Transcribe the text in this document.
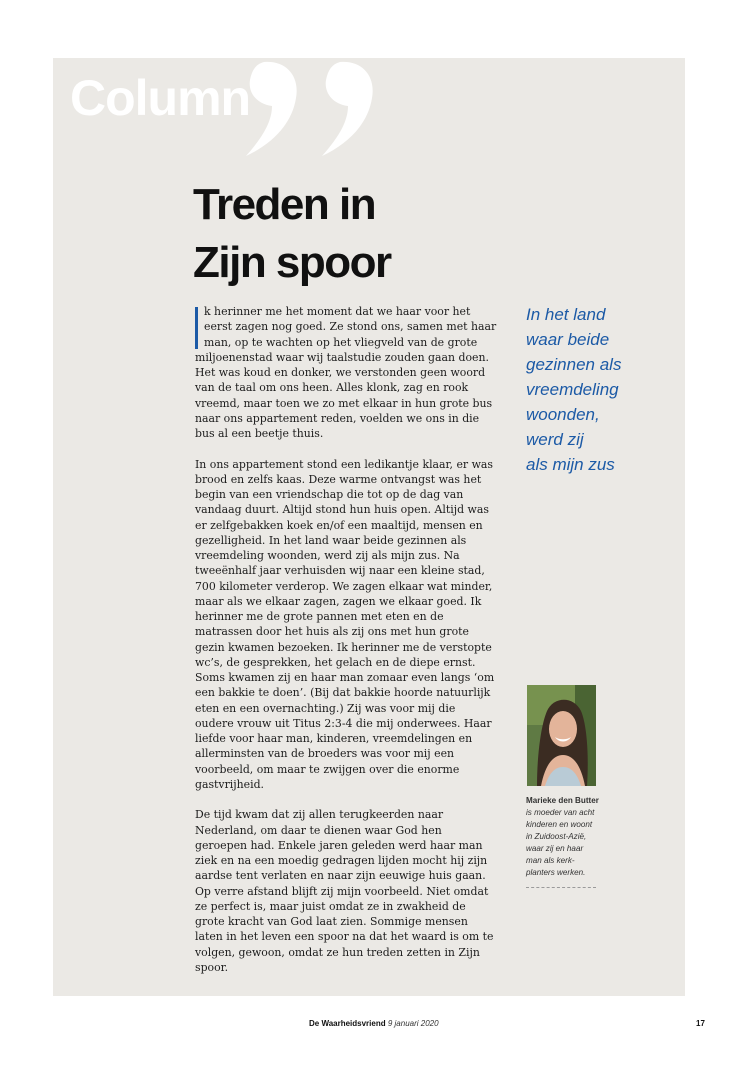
Column
Treden in
Zijn spoor

k herinner me het moment dat we haar voor het eerst zagen nog goed. Ze stond ons, samen met haar man, op te wachten op het vliegveld van de grote miljoenenstad waar wij taalstudie zouden gaan doen. Het was koud en donker, we verstonden geen woord van de taal om ons heen. Alles klonk, zag en rook vreemd, maar toen we zo met elkaar in hun grote bus naar ons appartement reden, voelden we ons in die bus al een beetje thuis.

In ons appartement stond een ledikantje klaar, er was brood en zelfs kaas. Deze warme ontvangst was het begin van een vriendschap die tot op de dag van vandaag duurt. Altijd stond hun huis open. Altijd was er zelfgebakken koek en/of een maaltijd, mensen en gezelligheid. In het land waar beide gezinnen als vreemdeling woonden, werd zij als mijn zus. Na tweeënhalf jaar verhuisden wij naar een kleine stad, 700 kilometer verderop. We zagen elkaar wat minder, maar als we elkaar zagen, zagen we elkaar goed. Ik herinner me de grote pannen met eten en de matrassen door het huis als zij ons met hun grote gezin kwamen bezoeken. Ik herinner me de verstopte wc’s, de gesprekken, het gelach en de diepe ernst. Soms kwamen zij en haar man zomaar even langs ‘om een bakkie te doen’. (Bij dat bakkie hoorde natuurlijk eten en een overnachting.) Zij was voor mij die oudere vrouw uit Titus 2:3-4 die mij onderwees. Haar liefde voor haar man, kinderen, vreemdelingen en allerminsten van de broeders was voor mij een voorbeeld, om maar te zwijgen over die enorme gastvrijheid.

De tijd kwam dat zij allen terugkeerden naar Nederland, om daar te dienen waar God hen geroepen had. Enkele jaren geleden werd haar man ziek en na een moedig gedragen lijden mocht hij zijn aardse tent verlaten en naar zijn eeuwige huis gaan. Op verre afstand blijft zij mijn voorbeeld. Niet omdat ze perfect is, maar juist omdat ze in zwakheid de grote kracht van God laat zien. Sommige mensen laten in het leven een spoor na dat het waard is om te volgen, gewoon, omdat ze hun treden zetten in Zijn spoor.

In het land
waar beide
gezinnen als
vreemdeling
woonden,
werd zij
als mijn zus
Marieke den Butter
is moeder van acht
kinderen en woont
in Zuidoost-Azië,
waar zij en haar
man als kerk-
planters werken.
De Waarheidsvriend 9 januari 2020	17
